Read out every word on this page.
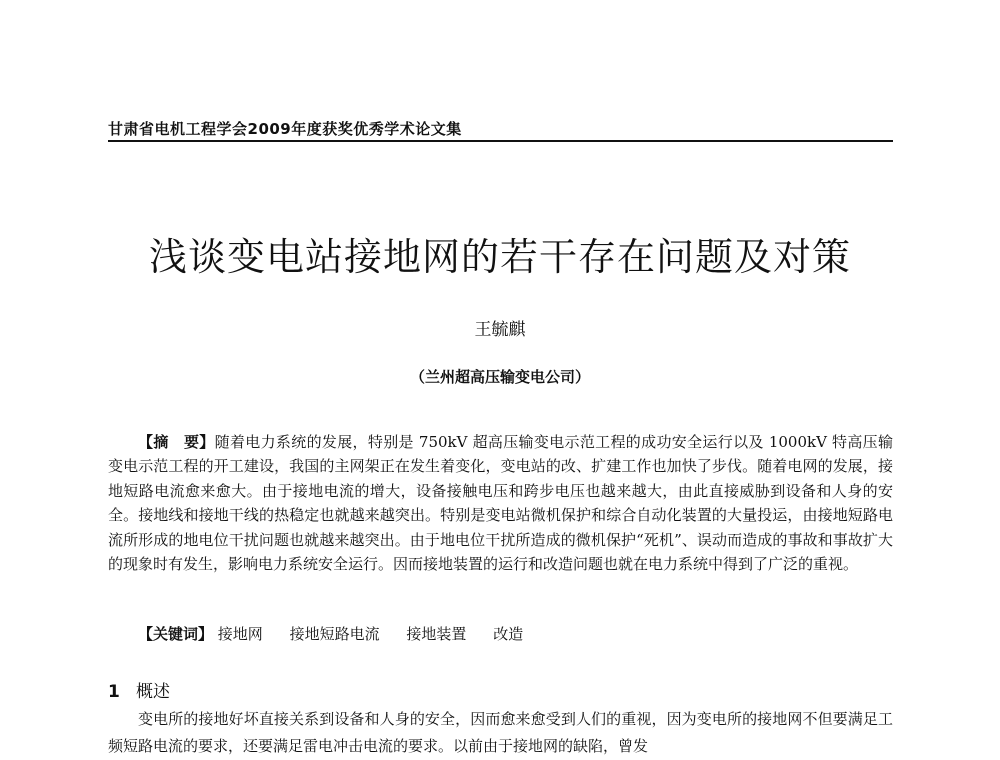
甘肃省电机工程学会2009年度获奖优秀学术论文集
浅谈变电站接地网的若干存在问题及对策
王毓麒
（兰州超高压输变电公司）

【摘　要】随着电力系统的发展，特别是 750kV 超高压输变电示范工程的成功安全运行以及 1000kV 特高压输变电示范工程的开工建设，我国的主网架正在发生着变化，变电站的改、扩建工作也加快了步伐。随着电网的发展，接地短路电流愈来愈大。由于接地电流的增大，设备接触电压和跨步电压也越来越大，由此直接威胁到设备和人身的安全。接地线和接地干线的热稳定也就越来越突出。特别是变电站微机保护和综合自动化装置的大量投运，由接地短路电流所形成的地电位干扰问题也就越来越突出。由于地电位干扰所造成的微机保护“死机”、误动而造成的事故和事故扩大的现象时有发生，影响电力系统安全运行。因而接地装置的运行和改造问题也就在电力系统中得到了广泛的重视。

【关键词】 接地网 接地短路电流 接地装置 改造
1 概述

变电所的接地好坏直接关系到设备和人身的安全，因而愈来愈受到人们的重视，因为变电所的接地网不但要满足工频短路电流的要求，还要满足雷电冲击电流的要求。以前由于接地网的缺陷，曾发
